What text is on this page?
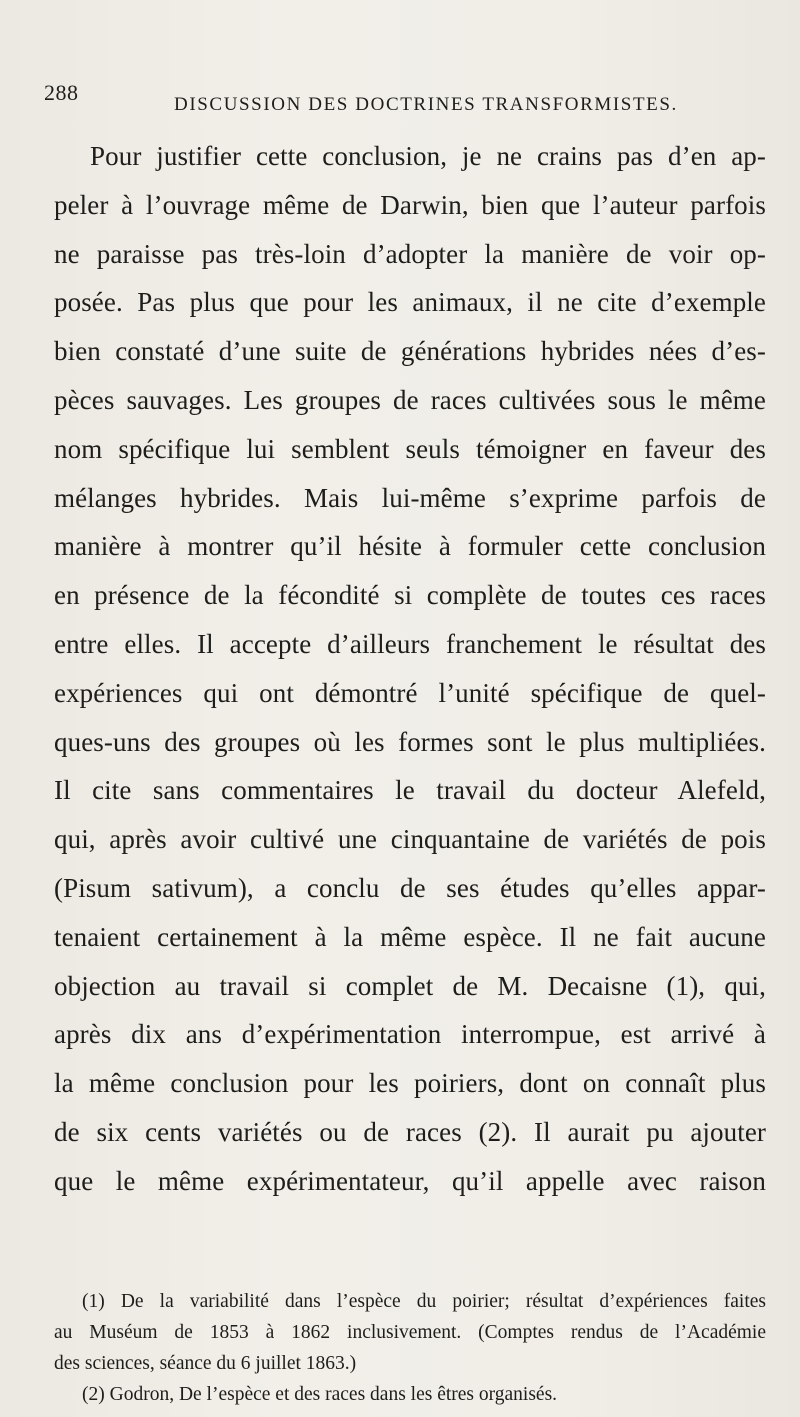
288	DISCUSSION DES DOCTRINES TRANSFORMISTES.
Pour justifier cette conclusion, je ne crains pas d’en ap-
peler à l’ouvrage même de Darwin, bien que l’auteur parfois
ne paraisse pas très-loin d’adopter la manière de voir op-
posée. Pas plus que pour les animaux, il ne cite d’exemple
bien constaté d’une suite de générations hybrides nées d’es-
pèces sauvages. Les groupes de races cultivées sous le même
nom spécifique lui semblent seuls témoigner en faveur des
mélanges hybrides. Mais lui-même s’exprime parfois de
manière à montrer qu’il hésite à formuler cette conclusion
en présence de la fécondité si complète de toutes ces races
entre elles. Il accepte d’ailleurs franchement le résultat des
expériences qui ont démontré l’unité spécifique de quel-
ques-uns des groupes où les formes sont le plus multipliées.
Il cite sans commentaires le travail du docteur Alefeld,
qui, après avoir cultivé une cinquantaine de variétés de pois
(Pisum sativum), a conclu de ses études qu’elles appar-
tenaient certainement à la même espèce. Il ne fait aucune
objection au travail si complet de M. Decaisne (1), qui,
après dix ans d’expérimentation interrompue, est arrivé à
la même conclusion pour les poiriers, dont on connaît plus
de six cents variétés ou de races (2). Il aurait pu ajouter
que le même expérimentateur, qu’il appelle avec raison
(1) De la variabilité dans l’espèce du poirier; résultat d’expériences faites
au Muséum de 1853 à 1862 inclusivement. (Comptes rendus de l’Académie
des sciences, séance du 6 juillet 1863.)
(2) Godron, De l’espèce et des races dans les êtres organisés.
